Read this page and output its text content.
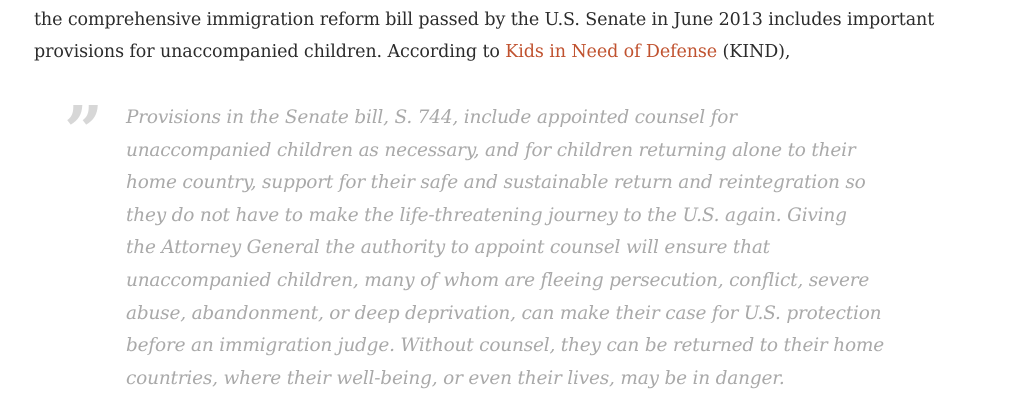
the comprehensive immigration reform bill passed by the U.S. Senate in June 2013 includes important
provisions for unaccompanied children. According to Kids in Need of Defense (KIND),

” Provisions in the Senate bill, S. 744, include appointed counsel for
unaccompanied children as necessary, and for children returning alone to their
home country, support for their safe and sustainable return and reintegration so
they do not have to make the life-threatening journey to the U.S. again. Giving
the Attorney General the authority to appoint counsel will ensure that
unaccompanied children, many of whom are fleeing persecution, conflict, severe
abuse, abandonment, or deep deprivation, can make their case for U.S. protection
before an immigration judge. Without counsel, they can be returned to their home
countries, where their well-being, or even their lives, may be in danger.
